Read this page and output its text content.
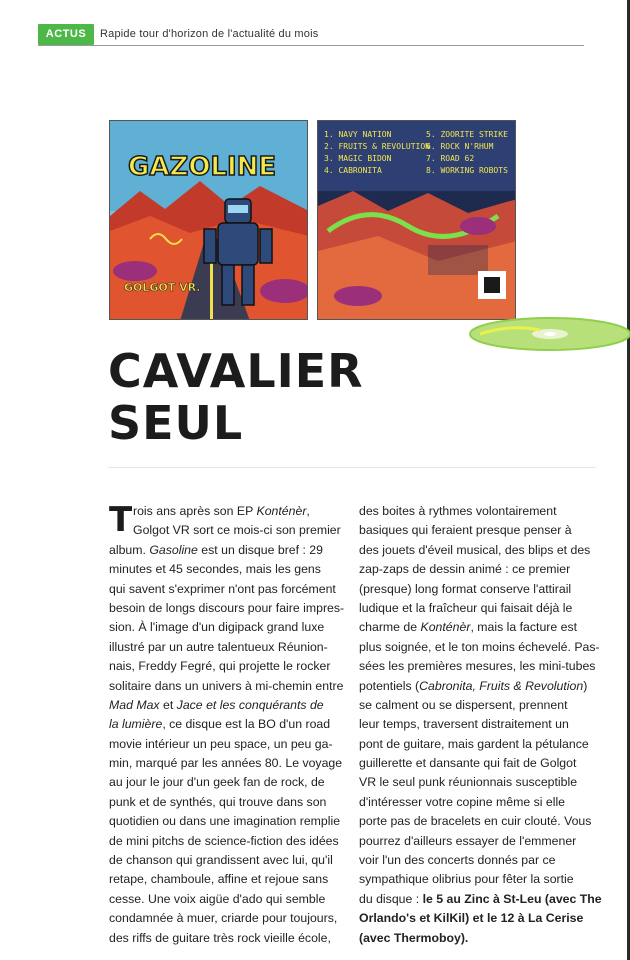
ACTUS	Rapide tour d'horizon de l'actualité du mois
GAZOLINE
GOLGOT VR.
1. NAVY NATION
2. FRUITS & REVOLUTION
3. MAGIC BIDON
4. CABRONITA
5. ZOORITE STRIKE
6. ROCK N'RHUM
7. ROAD 62
8. WORKING ROBOTS
CAVALIER
SEUL
T rois ans après son EP Konténèr,
Golgot VR sort ce mois-ci son premier
album. Gasoline est un disque bref : 29
minutes et 45 secondes, mais les gens
qui savent s'exprimer n'ont pas forcément
besoin de longs discours pour faire impres-
sion. À l'image d'un digipack grand luxe
illustré par un autre talentueux Réunion-
nais, Freddy Fegré, qui projette le rocker
solitaire dans un univers à mi-chemin entre
Mad Max et Jace et les conquérants de
la lumière, ce disque est la BO d'un road
movie intérieur un peu space, un peu ga-
min, marqué par les années 80. Le voyage
au jour le jour d'un geek fan de rock, de
punk et de synthés, qui trouve dans son
quotidien ou dans une imagination remplie
de mini pitchs de science-fiction des idées
de chanson qui grandissent avec lui, qu'il
retape, chamboule, affine et rejoue sans
cesse. Une voix aigüe d'ado qui semble
condamnée à muer, criarde pour toujours,
des riffs de guitare très rock vieille école,
des boites à rythmes volontairement
basiques qui feraient presque penser à
des jouets d'éveil musical, des blips et des
zap-zaps de dessin animé : ce premier
(presque) long format conserve l'attirail
ludique et la fraîcheur qui faisait déjà le
charme de Konténèr, mais la facture est
plus soignée, et le ton moins échevelé. Pas-
sées les premières mesures, les mini-tubes
potentiels (Cabronita, Fruits & Revolution)
se calment ou se dispersent, prennent
leur temps, traversent distraitement un
pont de guitare, mais gardent la pétulance
guillerette et dansante qui fait de Golgot
VR le seul punk réunionnais susceptible
d'intéresser votre copine même si elle
porte pas de bracelets en cuir clouté. Vous
pourrez d'ailleurs essayer de l'emmener
voir l'un des concerts donnés par ce
sympathique olibrius pour fêter la sortie
du disque : le 5 au Zinc à St-Leu (avec The
Orlando's et KilKil) et le 12 à La Cerise
(avec Thermoboy).
